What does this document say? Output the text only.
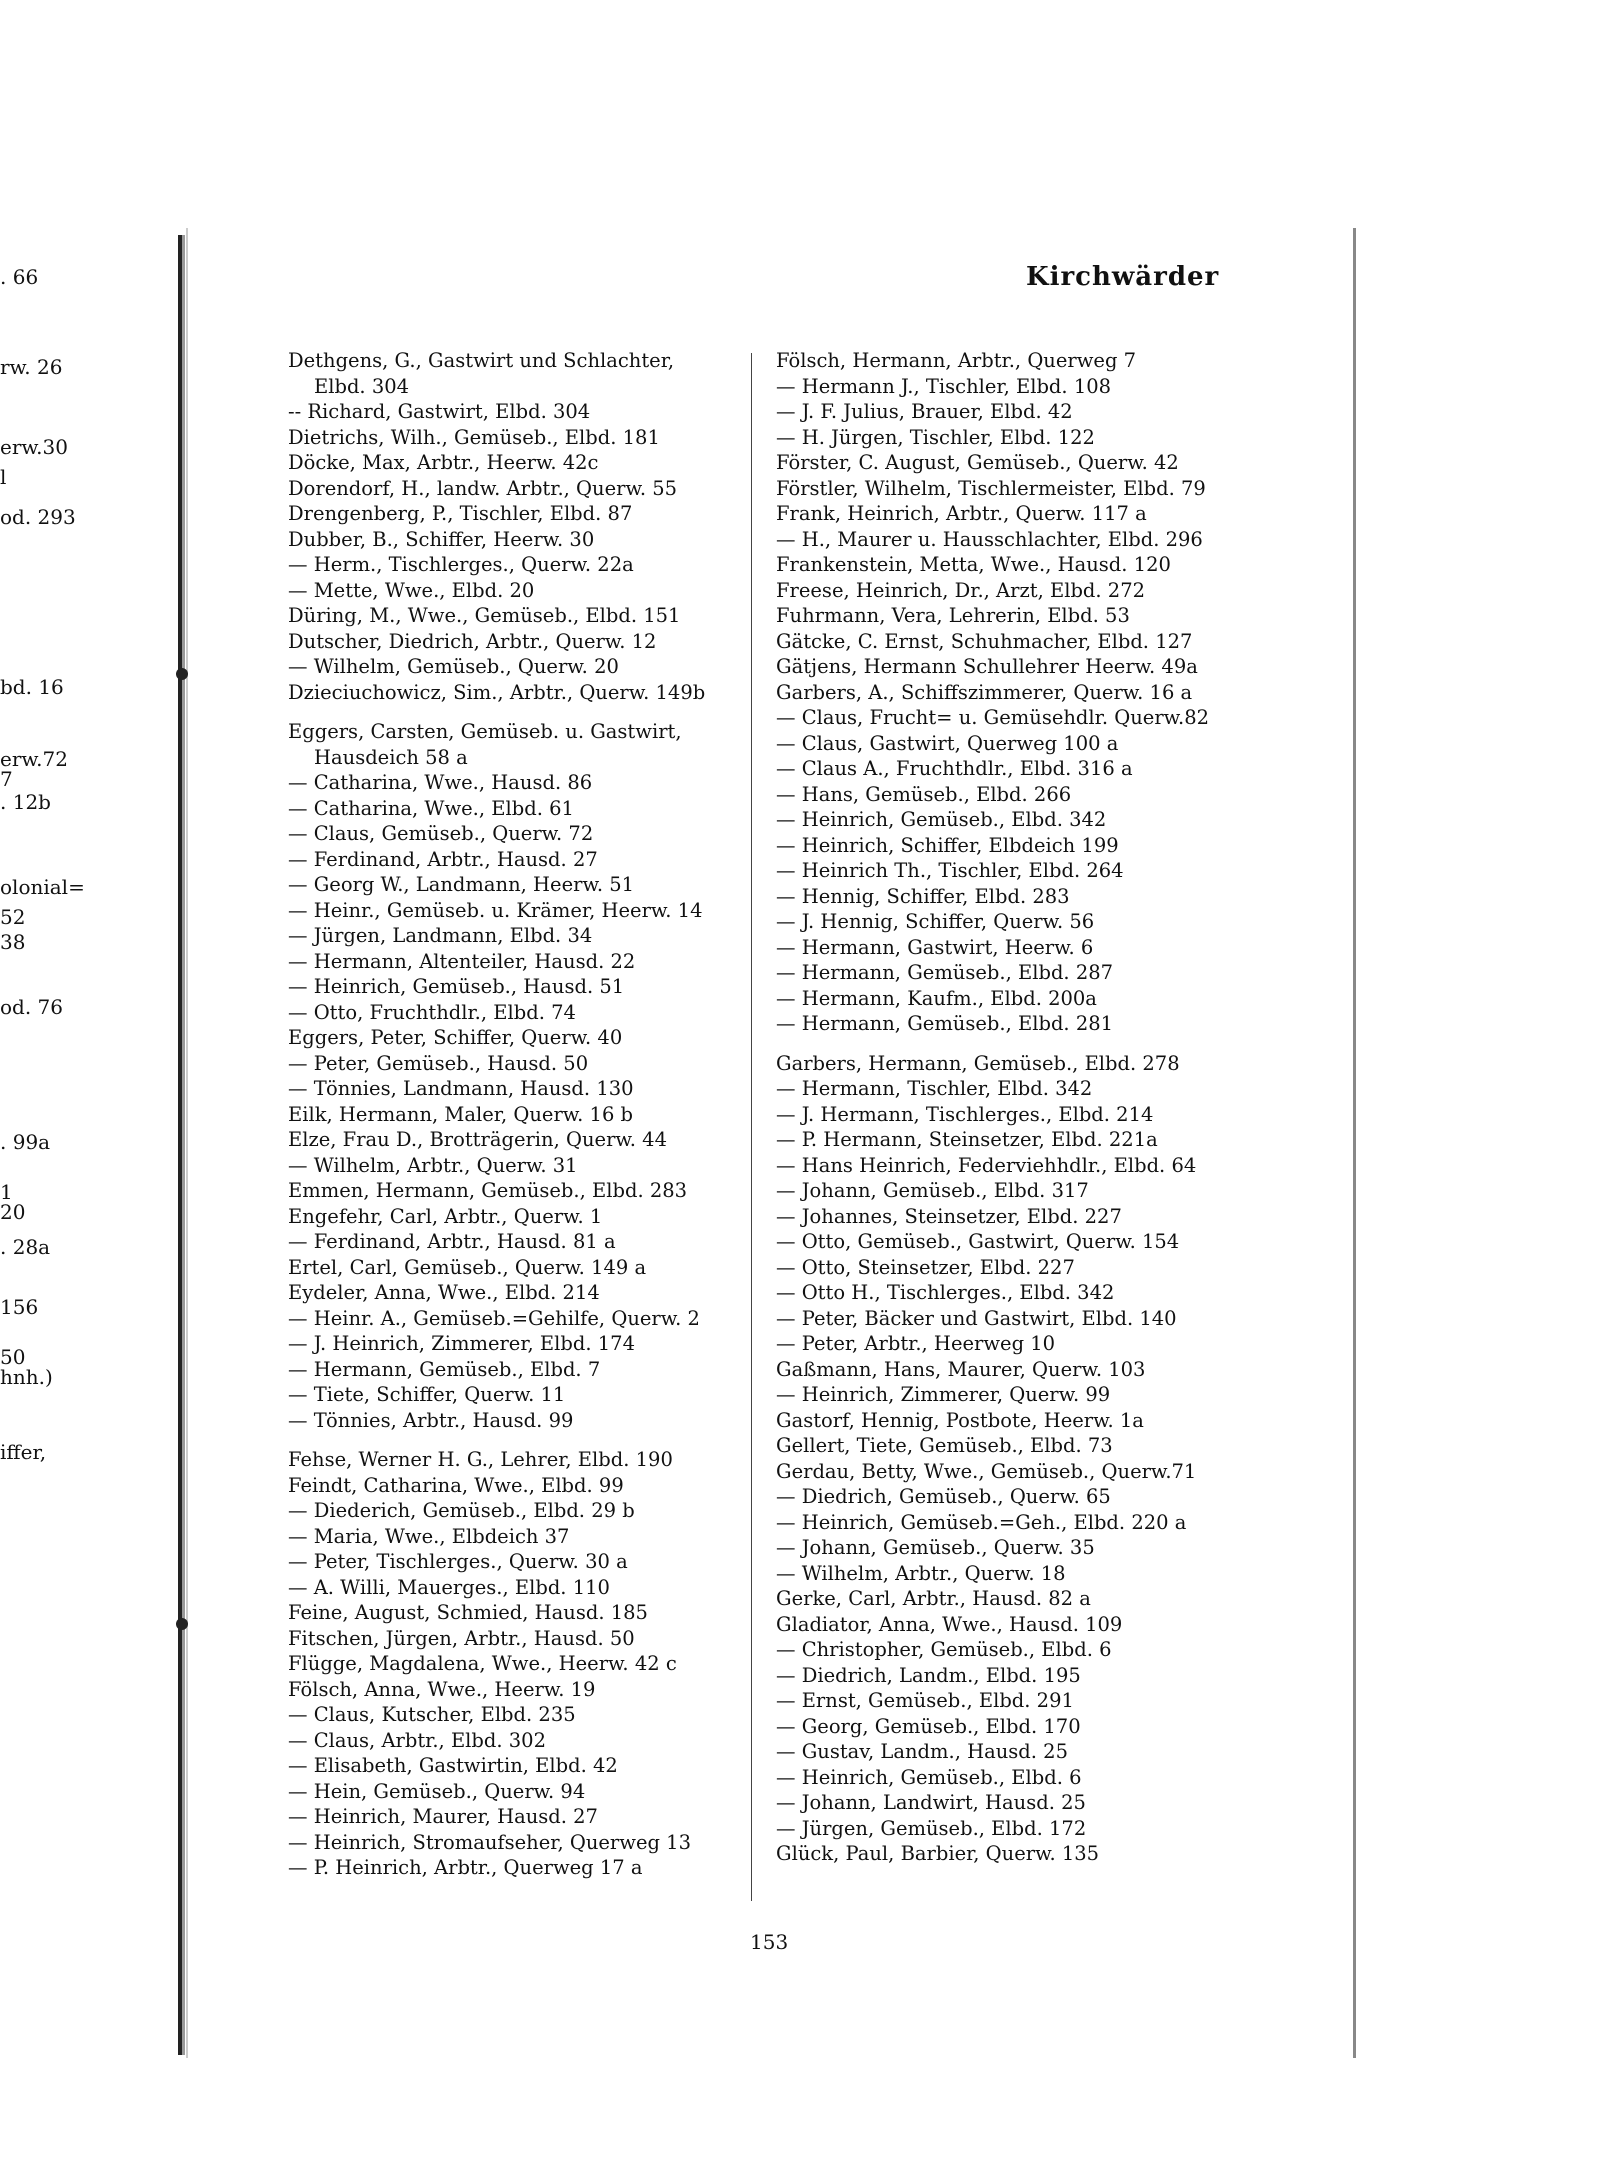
. 66
rw. 26
erw.30
l
od. 293
bd. 16
erw.72
7
. 12b
olonial=
52
38
od. 76
. 99a
1
20
. 28a
156
50
hnh.)
iffer,
Kirchwärder
Dethgens, G., Gastwirt und Schlachter,
Elbd. 304
-- Richard, Gastwirt, Elbd. 304
Dietrichs, Wilh., Gemüseb., Elbd. 181
Döcke, Max, Arbtr., Heerw. 42c
Dorendorf, H., landw. Arbtr., Querw. 55
Drengenberg, P., Tischler, Elbd. 87
Dubber, B., Schiffer, Heerw. 30
— Herm., Tischlerges., Querw. 22a
— Mette, Wwe., Elbd. 20
Düring, M., Wwe., Gemüseb., Elbd. 151
Dutscher, Diedrich, Arbtr., Querw. 12
— Wilhelm, Gemüseb., Querw. 20
Dzieciuchowicz, Sim., Arbtr., Querw. 149b
Eggers, Carsten, Gemüseb. u. Gastwirt,
Hausdeich 58 a
— Catharina, Wwe., Hausd. 86
— Catharina, Wwe., Elbd. 61
— Claus, Gemüseb., Querw. 72
— Ferdinand, Arbtr., Hausd. 27
— Georg W., Landmann, Heerw. 51
— Heinr., Gemüseb. u. Krämer, Heerw. 14
— Jürgen, Landmann, Elbd. 34
— Hermann, Altenteiler, Hausd. 22
— Heinrich, Gemüseb., Hausd. 51
— Otto, Fruchthdlr., Elbd. 74
Eggers, Peter, Schiffer, Querw. 40
— Peter, Gemüseb., Hausd. 50
— Tönnies, Landmann, Hausd. 130
Eilk, Hermann, Maler, Querw. 16 b
Elze, Frau D., Brotträgerin, Querw. 44
— Wilhelm, Arbtr., Querw. 31
Emmen, Hermann, Gemüseb., Elbd. 283
Engefehr, Carl, Arbtr., Querw. 1
— Ferdinand, Arbtr., Hausd. 81 a
Ertel, Carl, Gemüseb., Querw. 149 a
Eydeler, Anna, Wwe., Elbd. 214
— Heinr. A., Gemüseb.=Gehilfe, Querw. 2
— J. Heinrich, Zimmerer, Elbd. 174
— Hermann, Gemüseb., Elbd. 7
— Tiete, Schiffer, Querw. 11
— Tönnies, Arbtr., Hausd. 99
Fehse, Werner H. G., Lehrer, Elbd. 190
Feindt, Catharina, Wwe., Elbd. 99
— Diederich, Gemüseb., Elbd. 29 b
— Maria, Wwe., Elbdeich 37
— Peter, Tischlerges., Querw. 30 a
— A. Willi, Mauerges., Elbd. 110
Feine, August, Schmied, Hausd. 185
Fitschen, Jürgen, Arbtr., Hausd. 50
Flügge, Magdalena, Wwe., Heerw. 42 c
Fölsch, Anna, Wwe., Heerw. 19
— Claus, Kutscher, Elbd. 235
— Claus, Arbtr., Elbd. 302
— Elisabeth, Gastwirtin, Elbd. 42
— Hein, Gemüseb., Querw. 94
— Heinrich, Maurer, Hausd. 27
— Heinrich, Stromaufseher, Querweg 13
— P. Heinrich, Arbtr., Querweg 17 a
Fölsch, Hermann, Arbtr., Querweg 7
— Hermann J., Tischler, Elbd. 108
— J. F. Julius, Brauer, Elbd. 42
— H. Jürgen, Tischler, Elbd. 122
Förster, C. August, Gemüseb., Querw. 42
Förstler, Wilhelm, Tischlermeister, Elbd. 79
Frank, Heinrich, Arbtr., Querw. 117 a
— H., Maurer u. Hausschlachter, Elbd. 296
Frankenstein, Metta, Wwe., Hausd. 120
Freese, Heinrich, Dr., Arzt, Elbd. 272
Fuhrmann, Vera, Lehrerin, Elbd. 53
Gätcke, C. Ernst, Schuhmacher, Elbd. 127
Gätjens, Hermann Schullehrer Heerw. 49a
Garbers, A., Schiffszimmerer, Querw. 16 a
— Claus, Frucht= u. Gemüsehdlr. Querw.82
— Claus, Gastwirt, Querweg 100 a
— Claus A., Fruchthdlr., Elbd. 316 a
— Hans, Gemüseb., Elbd. 266
— Heinrich, Gemüseb., Elbd. 342
— Heinrich, Schiffer, Elbdeich 199
— Heinrich Th., Tischler, Elbd. 264
— Hennig, Schiffer, Elbd. 283
— J. Hennig, Schiffer, Querw. 56
— Hermann, Gastwirt, Heerw. 6
— Hermann, Gemüseb., Elbd. 287
— Hermann, Kaufm., Elbd. 200a
— Hermann, Gemüseb., Elbd. 281
Garbers, Hermann, Gemüseb., Elbd. 278
— Hermann, Tischler, Elbd. 342
— J. Hermann, Tischlerges., Elbd. 214
— P. Hermann, Steinsetzer, Elbd. 221a
— Hans Heinrich, Federviehhdlr., Elbd. 64
— Johann, Gemüseb., Elbd. 317
— Johannes, Steinsetzer, Elbd. 227
— Otto, Gemüseb., Gastwirt, Querw. 154
— Otto, Steinsetzer, Elbd. 227
— Otto H., Tischlerges., Elbd. 342
— Peter, Bäcker und Gastwirt, Elbd. 140
— Peter, Arbtr., Heerweg 10
Gaßmann, Hans, Maurer, Querw. 103
— Heinrich, Zimmerer, Querw. 99
Gastorf, Hennig, Postbote, Heerw. 1a
Gellert, Tiete, Gemüseb., Elbd. 73
Gerdau, Betty, Wwe., Gemüseb., Querw.71
— Diedrich, Gemüseb., Querw. 65
— Heinrich, Gemüseb.=Geh., Elbd. 220 a
— Johann, Gemüseb., Querw. 35
— Wilhelm, Arbtr., Querw. 18
Gerke, Carl, Arbtr., Hausd. 82 a
Gladiator, Anna, Wwe., Hausd. 109
— Christopher, Gemüseb., Elbd. 6
— Diedrich, Landm., Elbd. 195
— Ernst, Gemüseb., Elbd. 291
— Georg, Gemüseb., Elbd. 170
— Gustav, Landm., Hausd. 25
— Heinrich, Gemüseb., Elbd. 6
— Johann, Landwirt, Hausd. 25
— Jürgen, Gemüseb., Elbd. 172
Glück, Paul, Barbier, Querw. 135
153
